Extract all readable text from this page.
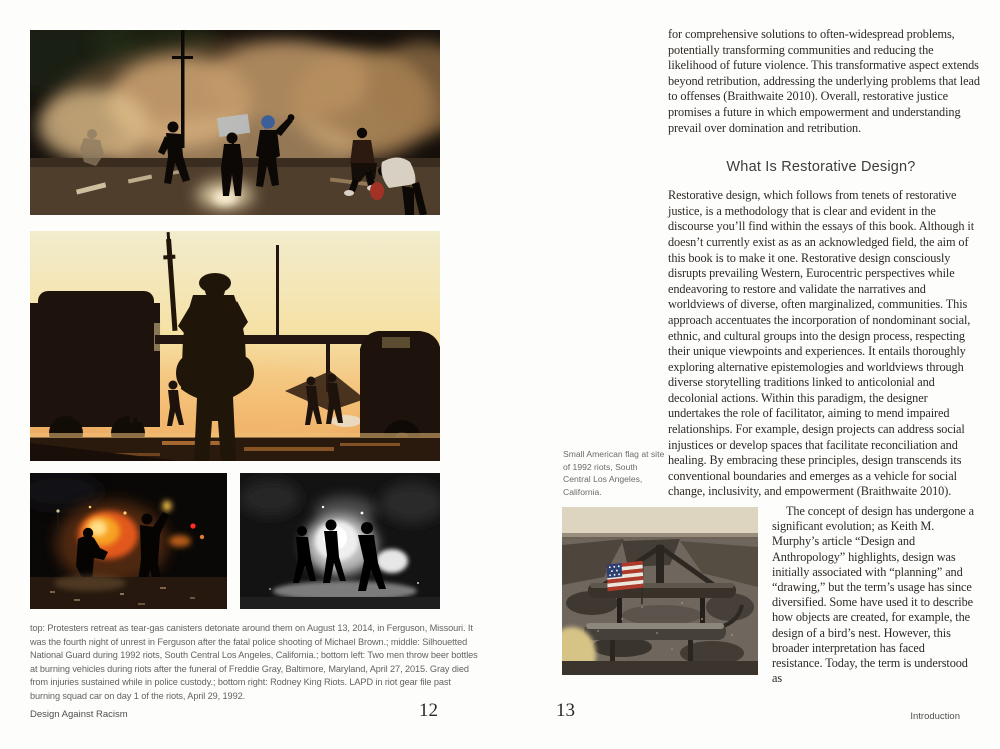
top: Protesters retreat as tear-gas canisters detonate around them on August 13, 2014, in Ferguson, Missouri. It was the fourth night of unrest in Ferguson after the fatal police shooting of Michael Brown.; middle: Silhouetted National Guard during 1992 riots, South Central Los Angeles, California.; bottom left: Two men throw beer bottles at burning vehicles during riots after the funeral of Freddie Gray, Baltimore, Maryland, April 27, 2015. Gray died from injuries sustained while in police custody.; bottom right: Rodney King Riots. LAPD in riot gear file past burning squad car on day 1 of the riots, April 29, 1992.
Design Against Racism	12	13	Introduction

for comprehensive solutions to often-widespread problems, potentially transforming communities and reducing the likelihood of future violence. This transformative aspect extends beyond retribution, addressing the underlying problems that lead to offenses (Braithwaite 2010). Overall, restorative justice promises a future in which empowerment and understanding prevail over domination and retribution.

What Is Restorative Design?

Restorative design, which follows from tenets of restorative justice, is a methodology that is clear and evident in the discourse you’ll find within the essays of this book. Although it doesn’t currently exist as as an acknowledged field, the aim of this book is to make it one. Restorative design consciously disrupts prevailing Western, Eurocentric perspectives while endeavoring to restore and validate the narratives and worldviews of diverse, often marginalized, communities. This approach accentuates the incorporation of nondominant social, ethnic, and cultural groups into the design process, respecting their unique viewpoints and experiences. It entails thoroughly exploring alternative epistemologies and worldviews through diverse storytelling traditions linked to anticolonial and decolonial actions. Within this paradigm, the designer undertakes the role of facilitator, aiming to mend impaired relationships. For example, design projects can address social injustices or develop spaces that facilitate reconciliation and healing. By embracing these principles, design transcends its conventional boundaries and emerges as a vehicle for social change, inclusivity, and empowerment (Braithwaite 2010).

Small American flag at site of 1992 riots, South Central Los Angeles, California.

The concept of design has undergone a significant evolution; as Keith M. Murphy’s article “Design and Anthropology” highlights, design was initially associated with “planning” and “drawing,” but the term’s usage has since diversified. Some have used it to describe how objects are created, for example, the design of a bird’s nest. However, this broader interpretation has faced resistance. Today, the term is understood as
